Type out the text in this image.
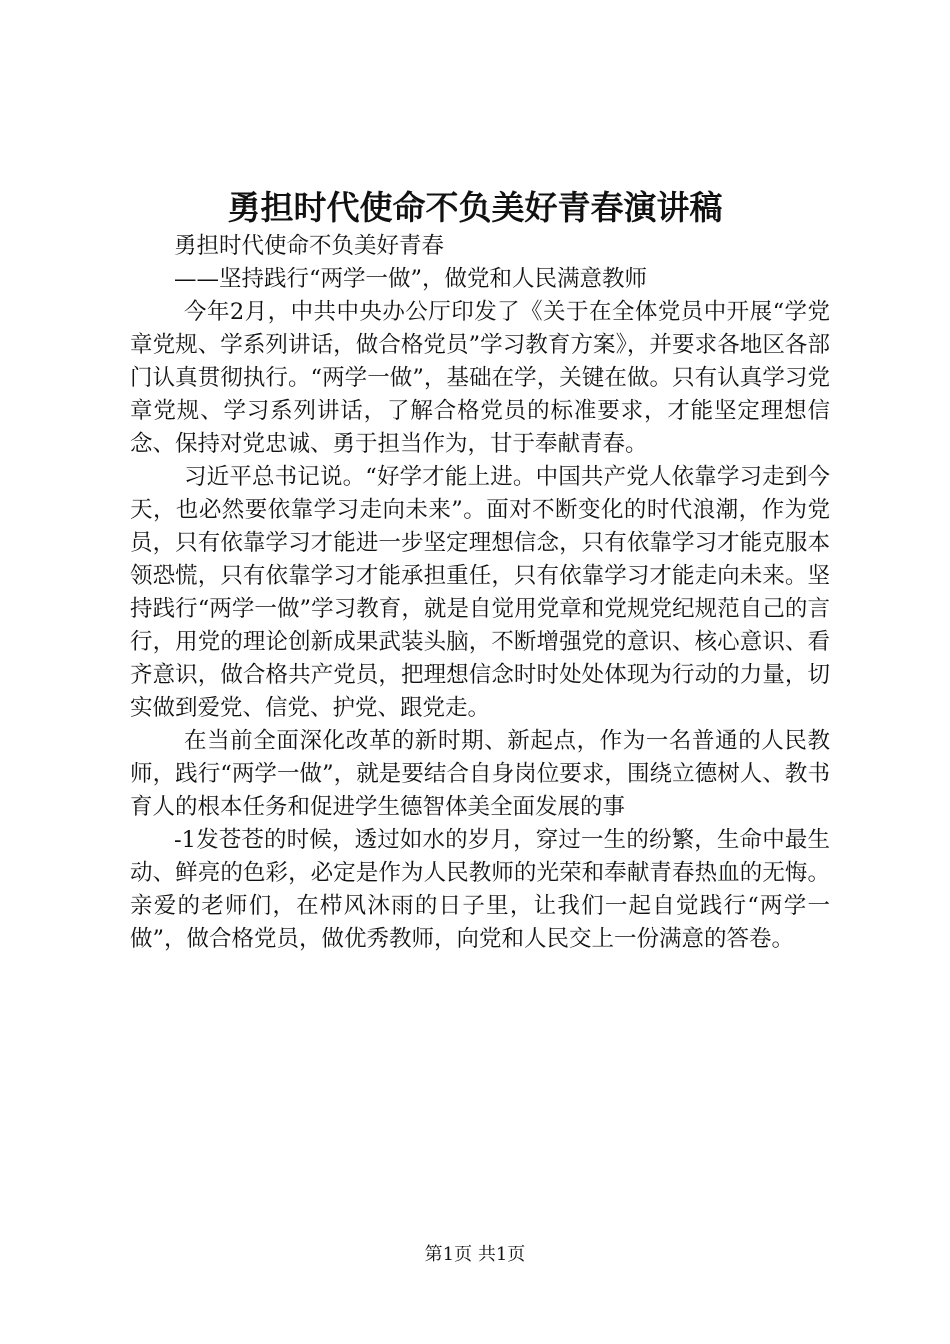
勇担时代使命不负美好青春演讲稿

勇担时代使命不负美好青春

——坚持践行“两学一做”，做党和人民满意教师

今年2月，中共中央办公厅印发了《关于在全体党员中开展“学党章党规、学系列讲话，做合格党员”学习教育方案》，并要求各地区各部门认真贯彻执行。“两学一做”，基础在学，关键在做。只有认真学习党章党规、学习系列讲话，了解合格党员的标准要求，才能坚定理想信念、保持对党忠诚、勇于担当作为，甘于奉献青春。

习近平总书记说。“好学才能上进。中国共产党人依靠学习走到今天，也必然要依靠学习走向未来”。面对不断变化的时代浪潮，作为党员，只有依靠学习才能进一步坚定理想信念，只有依靠学习才能克服本领恐慌，只有依靠学习才能承担重任，只有依靠学习才能走向未来。坚持践行“两学一做”学习教育，就是自觉用党章和党规党纪规范自己的言行，用党的理论创新成果武装头脑，不断增强党的意识、核心意识、看齐意识，做合格共产党员，把理想信念时时处处体现为行动的力量，切实做到爱党、信党、护党、跟党走。

在当前全面深化改革的新时期、新起点，作为一名普通的人民教师，践行“两学一做”，就是要结合自身岗位要求，围绕立德树人、教书育人的根本任务和促进学生德智体美全面发展的事

-1发苍苍的时候，透过如水的岁月，穿过一生的纷繁，生命中最生动、鲜亮的色彩，必定是作为人民教师的光荣和奉献青春热血的无悔。亲爱的老师们，在栉风沐雨的日子里，让我们一起自觉践行“两学一做”，做合格党员，做优秀教师，向党和人民交上一份满意的答卷。

第1页 共1页
